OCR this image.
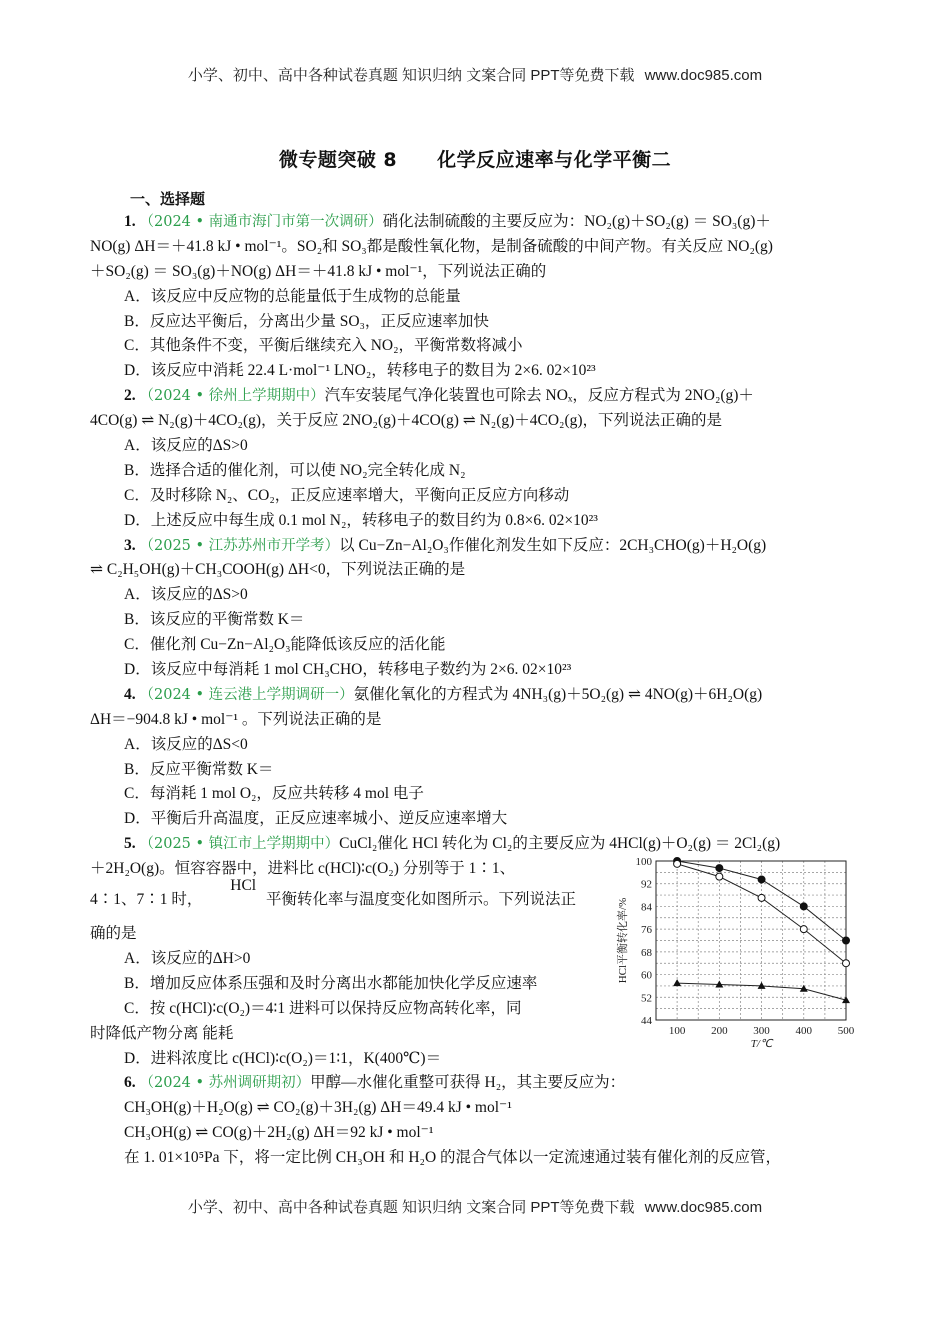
小学、初中、高中各种试卷真题 知识归纳 文案合同 PPT等免费下载 www.doc985.com
微专题突破 8 化学反应速率与化学平衡二
一、选择题
1. （2024 • 南通市海门市第一次调研）硝化法制硫酸的主要反应为：NO₂(g)＋SO₂(g) ＝ SO₃(g)＋
NO(g) ΔH＝＋41.8 kJ • mol⁻¹。SO₂和 SO₃都是酸性氧化物，是制备硫酸的中间产物。有关反应 NO₂(g)
＋SO₂(g) ＝ SO₃(g)＋NO(g) ΔH＝＋41.8 kJ • mol⁻¹，下列说法正确的
A．该反应中反应物的总能量低于生成物的总能量
B．反应达平衡后，分离出少量 SO₃，正反应速率加快
C．其他条件不变，平衡后继续充入 NO₂，平衡常数将减小
D．该反应中消耗 22.4 L·mol⁻¹ LNO₂，转移电子的数目为 2×6. 02×10²³
2. （2024 • 徐州上学期期中）汽车安装尾气净化装置也可除去 NOₓ，反应方程式为 2NO₂(g)＋
4CO(g) ⇌ N₂(g)＋4CO₂(g)，关于反应 2NO₂(g)＋4CO(g) ⇌ N₂(g)＋4CO₂(g)，下列说法正确的是
A．该反应的ΔS>0
B．选择合适的催化剂，可以使 NO₂完全转化成 N₂
C．及时移除 N₂、CO₂，正反应速率增大，平衡向正反应方向移动
D．上述反应中每生成 0.1 mol N₂，转移电子的数目约为 0.8×6. 02×10²³
3. （2025 • 江苏苏州市开学考）以 Cu−Zn−Al₂O₃作催化剂发生如下反应：2CH₃CHO(g)＋H₂O(g)
⇌ C₂H₅OH(g)＋CH₃COOH(g) ΔH<0，下列说法正确的是
A．该反应的ΔS>0
B．该反应的平衡常数 K＝
C．催化剂 Cu−Zn−Al₂O₃能降低该反应的活化能
D．该反应中每消耗 1 mol CH₃CHO，转移电子数约为 2×6. 02×10²³
4. （2024 • 连云港上学期调研一）氨催化氧化的方程式为 4NH₃(g)＋5O₂(g) ⇌ 4NO(g)＋6H₂O(g)
ΔH＝−904.8 kJ • mol⁻¹ 。下列说法正确的是
A．该反应的ΔS<0
B．反应平衡常数 K＝
C．每消耗 1 mol O₂，反应共转移 4 mol 电子
D．平衡后升高温度，正反应速率城小、逆反应速率增大
5. （2025 • 镇江市上学期期中）CuCl₂催化 HCl 转化为 Cl₂的主要反应为 4HCl(g)＋O₂(g) ＝ 2Cl₂(g)
＋2H₂O(g)。恒容容器中，进料比 c(HCl)∶c(O₂) 分别等于 1∶1、
4∶1、7∶1 时， HCl 平衡转化率与温度变化如图所示。下列说法正
确的是
A．该反应的ΔH>0
B．增加反应体系压强和及时分离出水都能加快化学反应速率
C．按 c(HCl)∶c(O₂)＝4∶1 进料可以保持反应物高转化率，同
时降低产物分离 能耗
D．进料浓度比 c(HCl)∶c(O₂)＝1∶1，K(400℃)＝
6. （2024 • 苏州调研期初）甲醇—水催化重整可获得 H₂，其主要反应为：
CH₃OH(g)＋H₂O(g) ⇌ CO₂(g)＋3H₂(g) ΔH＝49.4 kJ • mol⁻¹
CH₃OH(g) ⇌ CO(g)＋2H₂(g) ΔH＝92 kJ • mol⁻¹
在 1. 01×10⁵Pa 下，将一定比例 CH₃OH 和 H₂O 的混合气体以一定流速通过装有催化剂的反应管，
44
52
60
68
76
84
92
100
100 200 300 400 500
T/℃
HCl平衡转化率/%
小学、初中、高中各种试卷真题 知识归纳 文案合同 PPT等免费下载 www.doc985.com
